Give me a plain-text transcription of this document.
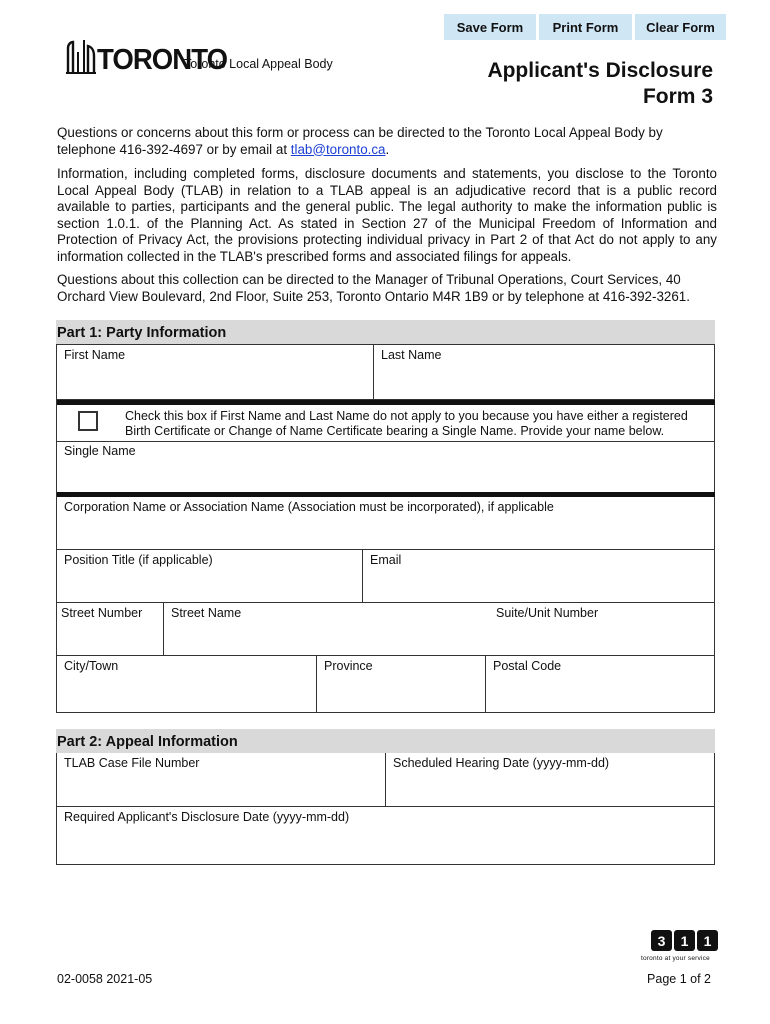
Save Form	Print Form	Clear Form
TORONTO
Toronto Local Appeal Body	Applicant's Disclosure
Form 3
Questions or concerns about this form or process can be directed to the Toronto Local Appeal Body by telephone 416-392-4697 or by email at tlab@toronto.ca.
Information, including completed forms, disclosure documents and statements, you disclose to the Toronto Local Appeal Body (TLAB) in relation to a TLAB appeal is an adjudicative record that is a public record available to parties, participants and the general public. The legal authority to make the information public is section 1.0.1. of the Planning Act. As stated in Section 27 of the Municipal Freedom of Information and Protection of Privacy Act, the provisions protecting individual privacy in Part 2 of that Act do not apply to any information collected in the TLAB's prescribed forms and associated filings for appeals.
Questions about this collection can be directed to the Manager of Tribunal Operations, Court Services, 40 Orchard View Boulevard, 2nd Floor, Suite 253, Toronto Ontario M4R 1B9 or by telephone at 416-392-3261.
Part 1: Party Information
First Name	Last Name
Check this box if First Name and Last Name do not apply to you because you have either a registered Birth Certificate or Change of Name Certificate bearing a Single Name. Provide your name below.
Single Name
Corporation Name or Association Name (Association must be incorporated), if applicable
Position Title (if applicable)	Email
Street Number	Street Name	Suite/Unit Number
City/Town	Province	Postal Code
Part 2: Appeal Information
TLAB Case File Number	Scheduled Hearing Date (yyyy-mm-dd)
Required Applicant's Disclosure Date (yyyy-mm-dd)
3	1	1
toronto at your service
02-0058 2021-05	Page 1 of 2
